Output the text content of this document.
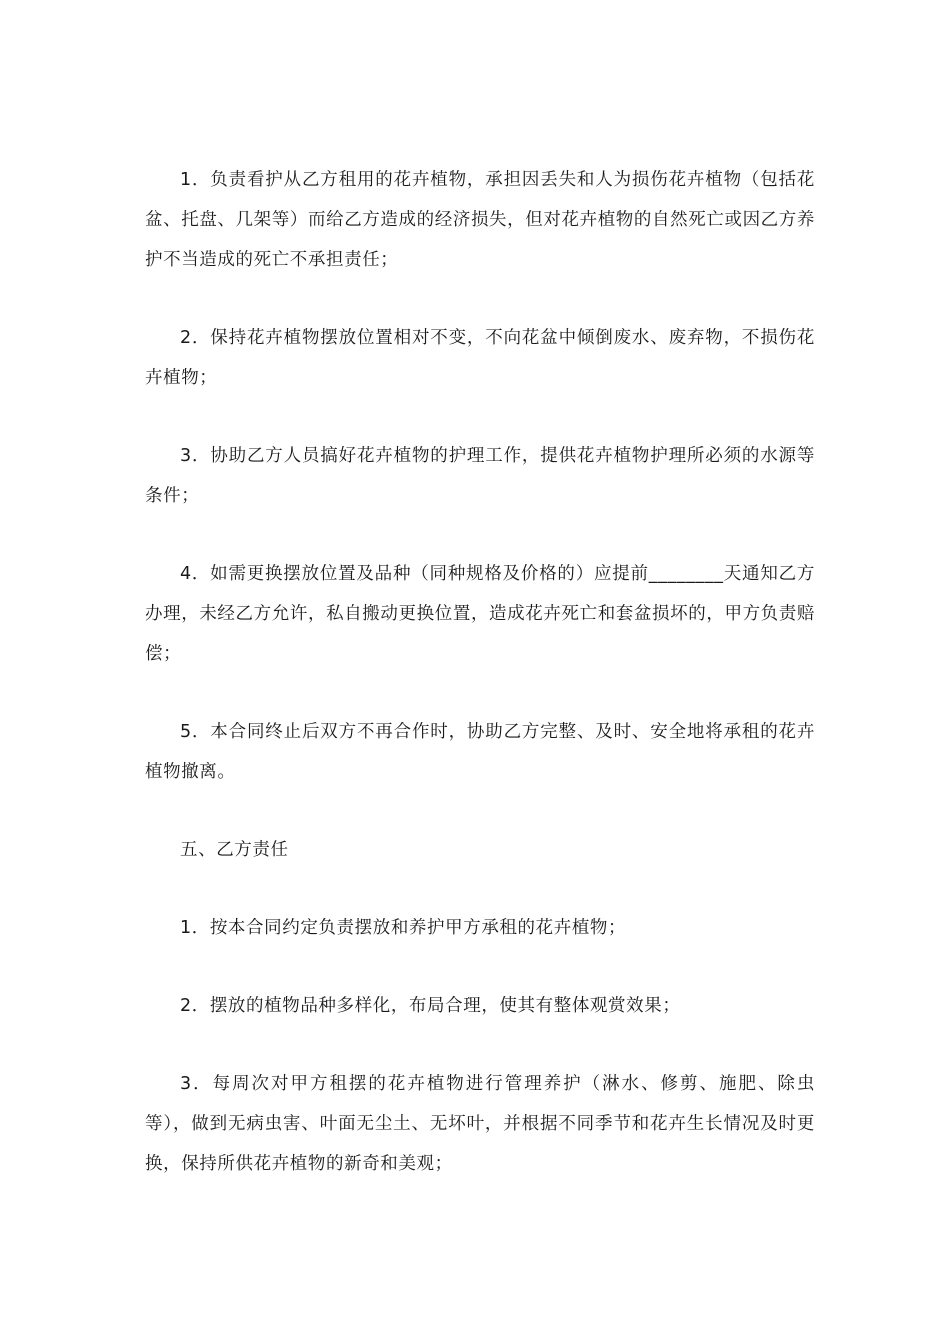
1．负责看护从乙方租用的花卉植物，承担因丢失和人为损伤花卉植物（包括花盆、托盘、几架等）而给乙方造成的经济损失，但对花卉植物的自然死亡或因乙方养护不当造成的死亡不承担责任；

2．保持花卉植物摆放位置相对不变，不向花盆中倾倒废水、废弃物，不损伤花卉植物；

3．协助乙方人员搞好花卉植物的护理工作，提供花卉植物护理所必须的水源等条件；

4．如需更换摆放位置及品种（同种规格及价格的）应提前________天通知乙方办理，未经乙方允许，私自搬动更换位置，造成花卉死亡和套盆损坏的，甲方负责赔偿；

5．本合同终止后双方不再合作时，协助乙方完整、及时、安全地将承租的花卉植物撤离。

五、乙方责任

1．按本合同约定负责摆放和养护甲方承租的花卉植物；

2．摆放的植物品种多样化，布局合理，使其有整体观赏效果；

3．每周次对甲方租摆的花卉植物进行管理养护（淋水、修剪、施肥、除虫等），做到无病虫害、叶面无尘土、无坏叶，并根据不同季节和花卉生长情况及时更换，保持所供花卉植物的新奇和美观；
